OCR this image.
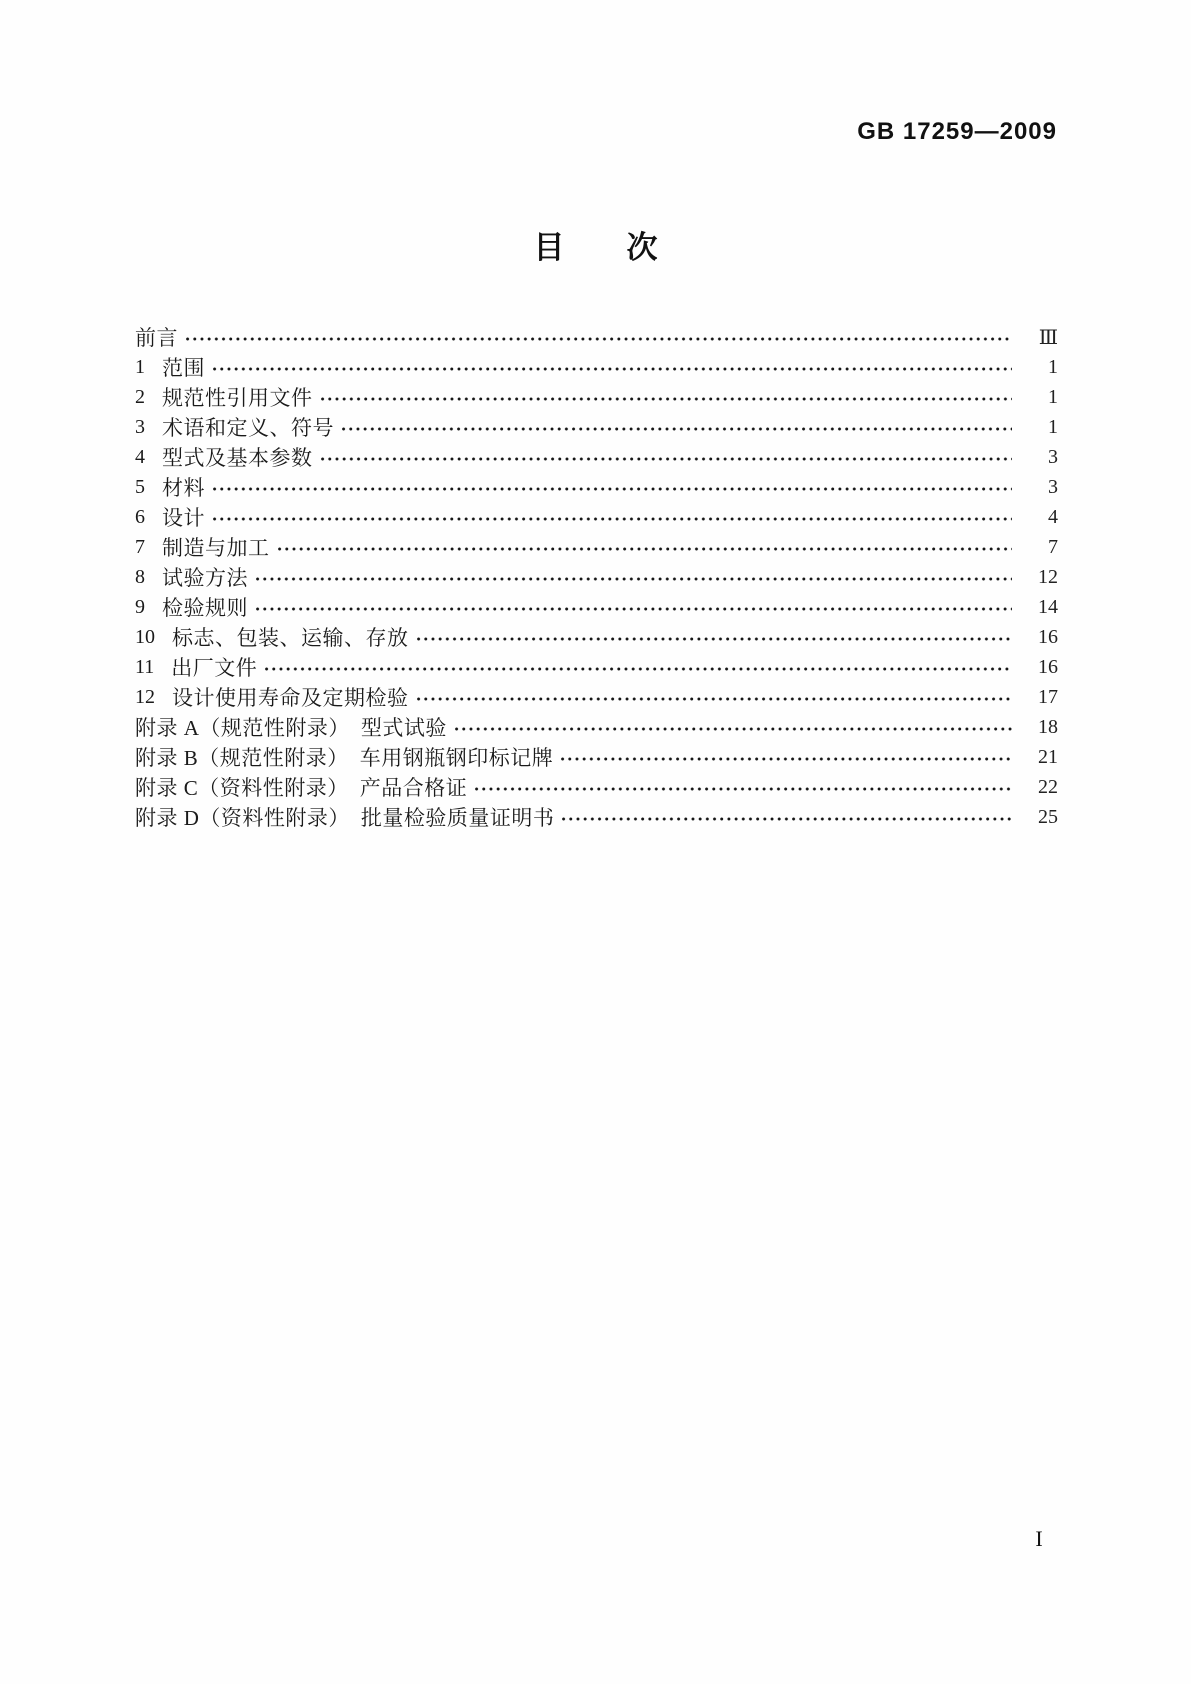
GB 17259—2009
目　　次
前言	Ⅲ
1 范围	1
2 规范性引用文件	1
3 术语和定义、符号	1
4 型式及基本参数	3
5 材料	3
6 设计	4
7 制造与加工	7
8 试验方法	12
9 检验规则	14
10 标志、包装、运输、存放	16
11 出厂文件	16
12 设计使用寿命及定期检验	17
附录 A（规范性附录）　型式试验	18
附录 B（规范性附录）　车用钢瓶钢印标记牌	21
附录 C（资料性附录）　产品合格证	22
附录 D（资料性附录）　批量检验质量证明书	25
I
